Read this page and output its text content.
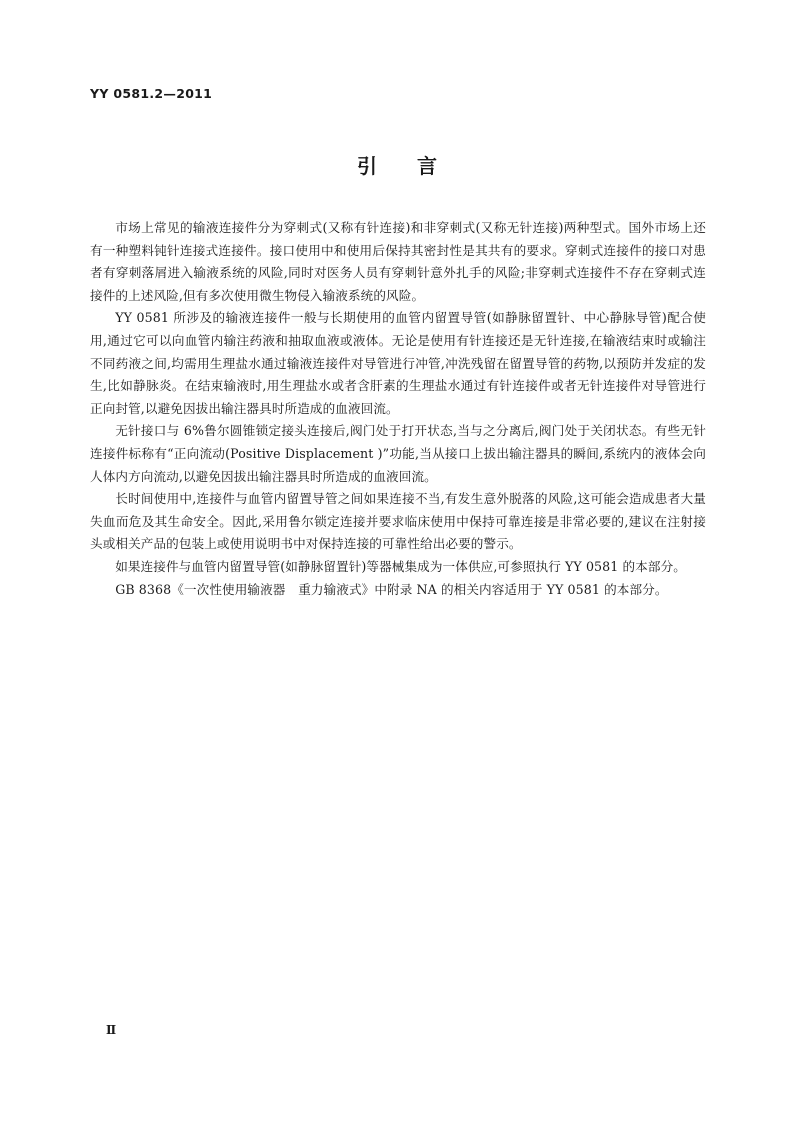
YY 0581.2—2011
引 言

市场上常见的输液连接件分为穿刺式(又称有针连接)和非穿刺式(又称无针连接)两种型式。国外市场上还有一种塑料钝针连接式连接件。接口使用中和使用后保持其密封性是其共有的要求。穿刺式连接件的接口对患者有穿刺落屑进入输液系统的风险,同时对医务人员有穿刺针意外扎手的风险;非穿刺式连接件不存在穿刺式连接件的上述风险,但有多次使用微生物侵入输液系统的风险。

YY 0581 所涉及的输液连接件一般与长期使用的血管内留置导管(如静脉留置针、中心静脉导管)配合使用,通过它可以向血管内输注药液和抽取血液或液体。无论是使用有针连接还是无针连接,在输液结束时或输注不同药液之间,均需用生理盐水通过输液连接件对导管进行冲管,冲洗残留在留置导管的药物,以预防并发症的发生,比如静脉炎。在结束输液时,用生理盐水或者含肝素的生理盐水通过有针连接件或者无针连接件对导管进行正向封管,以避免因拔出输注器具时所造成的血液回流。

无针接口与 6%鲁尔圆锥锁定接头连接后,阀门处于打开状态,当与之分离后,阀门处于关闭状态。有些无针连接件标称有“正向流动(Positive Displacement )”功能,当从接口上拔出输注器具的瞬间,系统内的液体会向人体内方向流动,以避免因拔出输注器具时所造成的血液回流。

长时间使用中,连接件与血管内留置导管之间如果连接不当,有发生意外脱落的风险,这可能会造成患者大量失血而危及其生命安全。因此,采用鲁尔锁定连接并要求临床使用中保持可靠连接是非常必要的,建议在注射接头或相关产品的包装上或使用说明书中对保持连接的可靠性给出必要的警示。

如果连接件与血管内留置导管(如静脉留置针)等器械集成为一体供应,可参照执行 YY 0581 的本部分。

GB 8368《一次性使用输液器　重力输液式》中附录 NA 的相关内容适用于 YY 0581 的本部分。

Ⅱ
